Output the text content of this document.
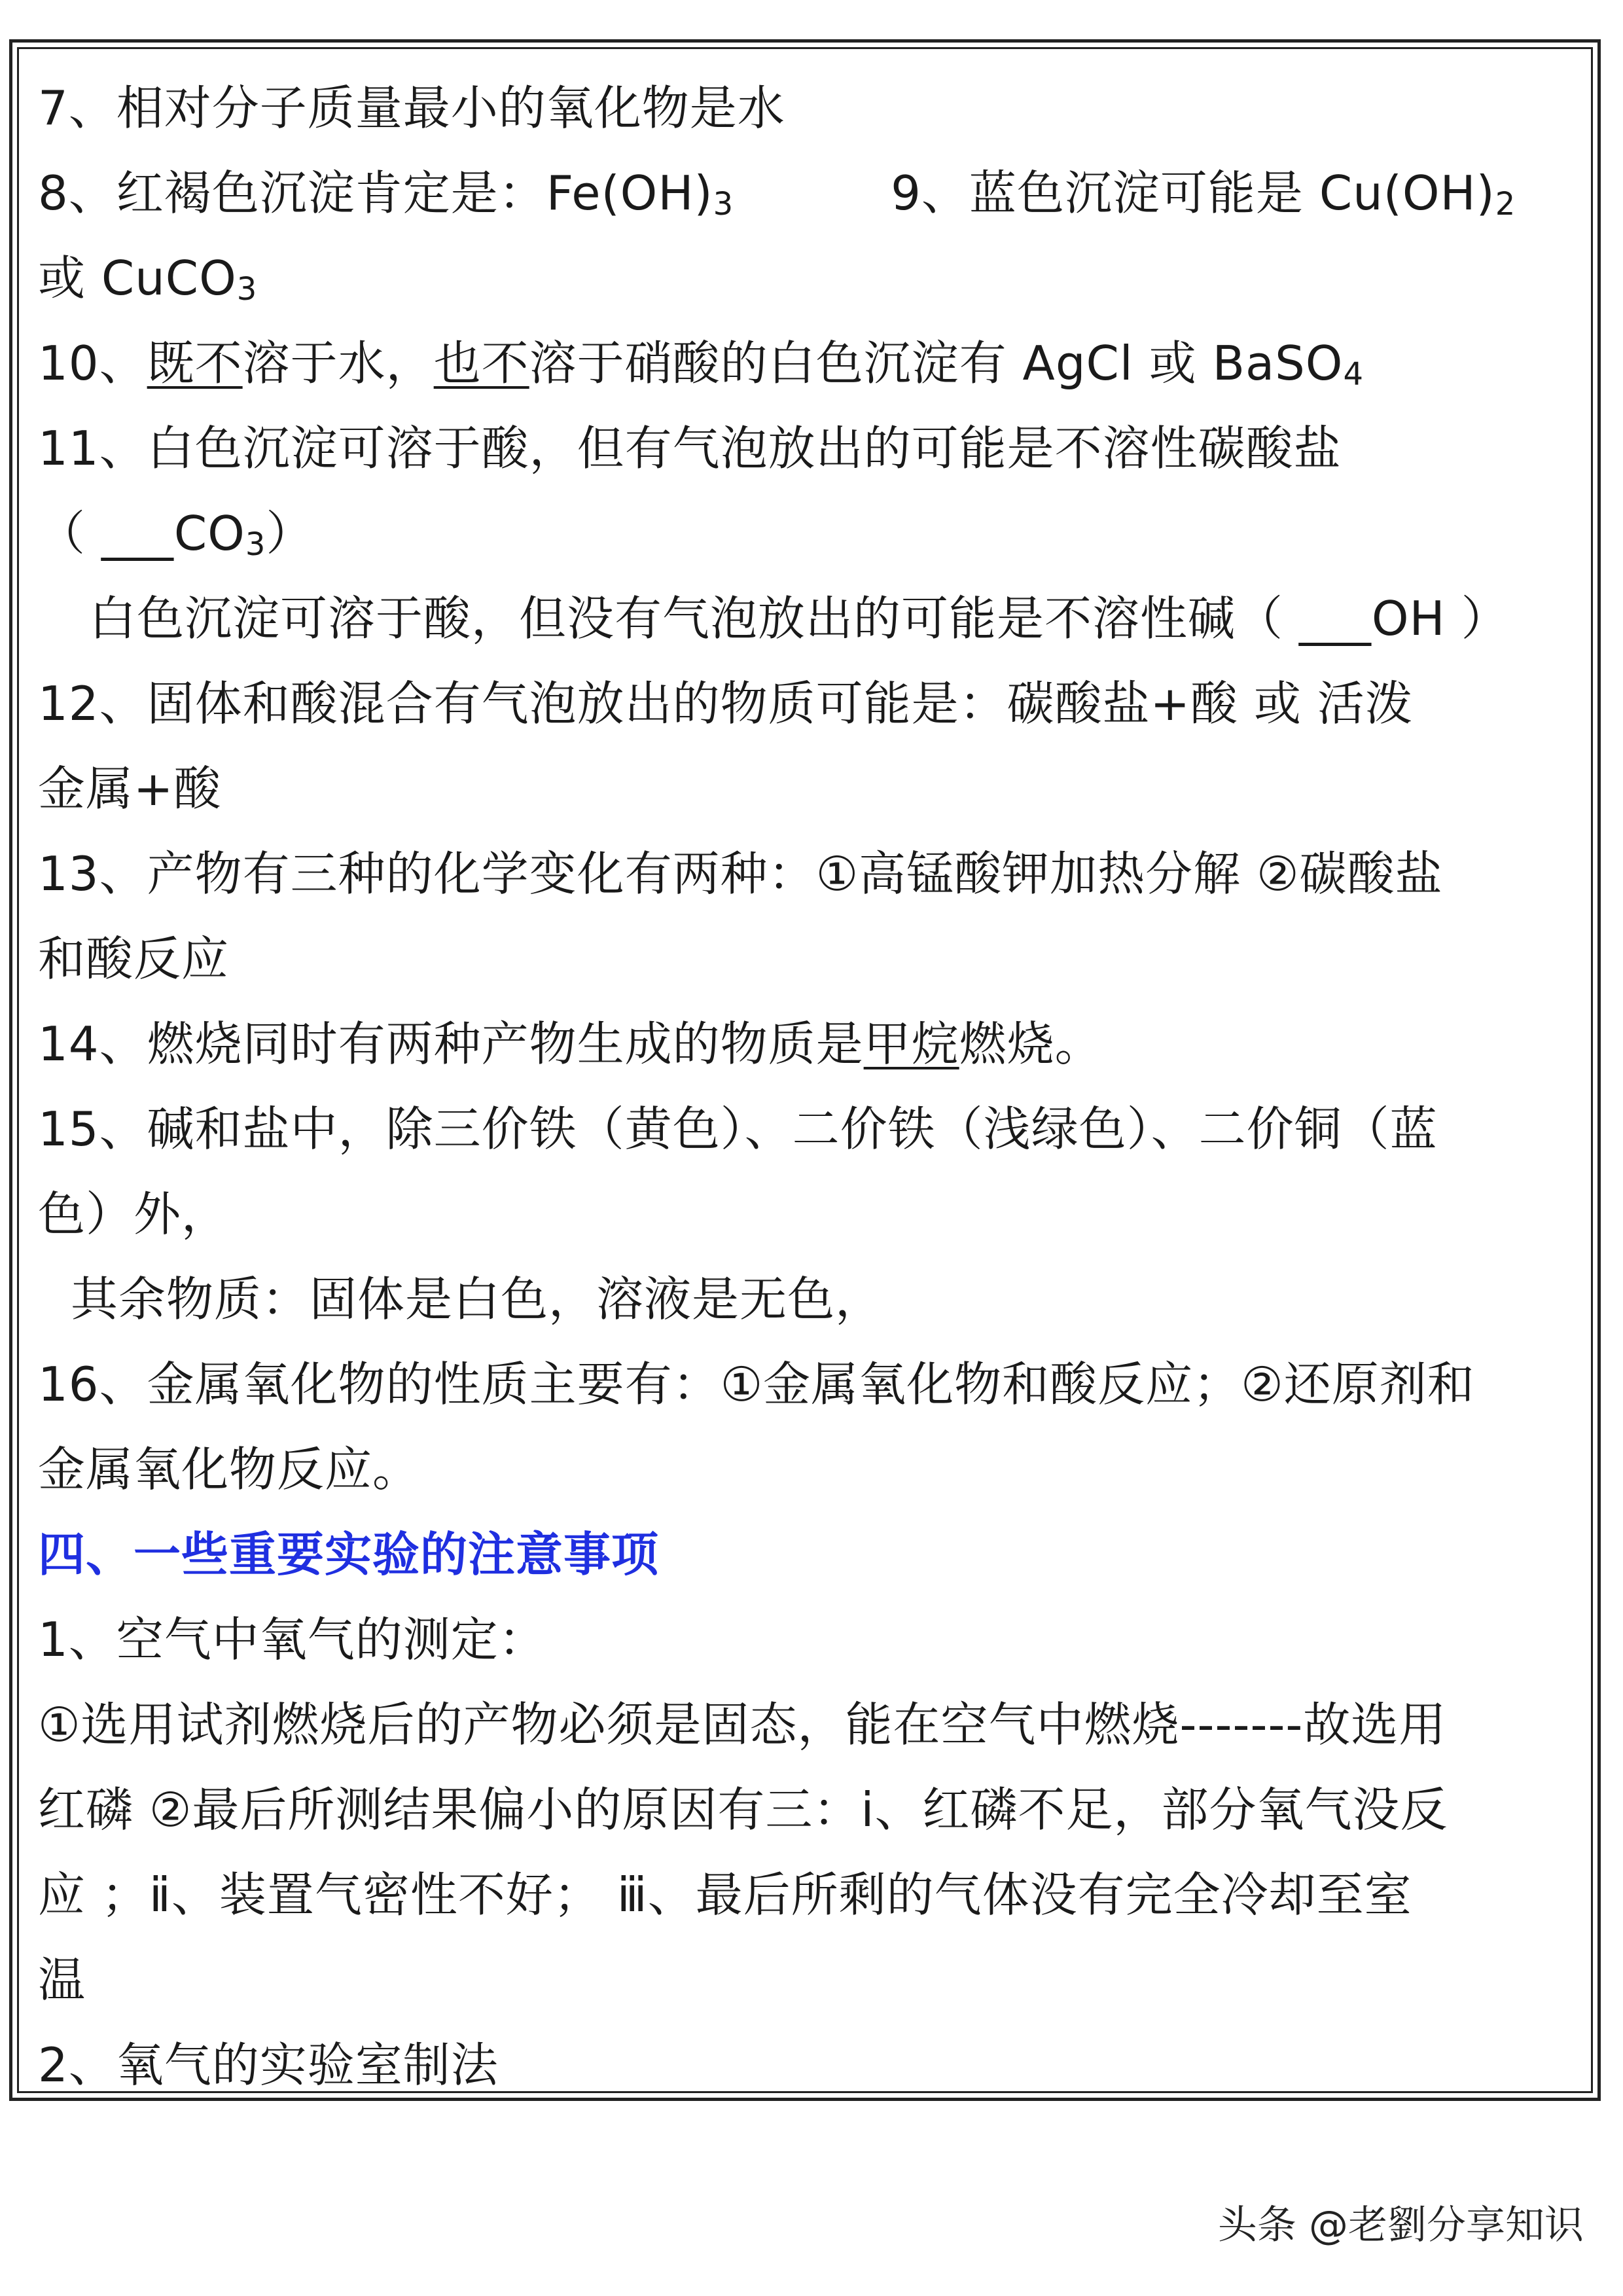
7、相对分子质量最小的氧化物是水
8、红褐色沉淀肯定是：$Fe(OH)_3$	9、蓝色沉淀可能是 $Cu(OH)_2$
或 CuCO$_3$
10、既不溶于水，也不溶于硝酸的白色沉淀有 AgCl 或 BaSO$_4$
11、白色沉淀可溶于酸，但有气泡放出的可能是不溶性碳酸盐
（ $\_\_\_CO_3$）
白色沉淀可溶于酸，但没有气泡放出的可能是不溶性碱（ ___OH ）
12、固体和酸混合有气泡放出的物质可能是：碳酸盐+酸 或 活泼
金属+酸
13、产物有三种的化学变化有两种：①高锰酸钾加热分解 ②碳酸盐
和酸反应
14、燃烧同时有两种产物生成的物质是甲烷燃烧。
15、碱和盐中，除三价铁（黄色）、二价铁（浅绿色）、二价铜（蓝
色）外，
其余物质：固体是白色，溶液是无色，
16、金属氧化物的性质主要有：①金属氧化物和酸反应；②还原剂和
金属氧化物反应。
四、一些重要实验的注意事项
1、空气中氧气的测定：
①选用试剂燃烧后的产物必须是固态，能在空气中燃烧-------故选用
红磷 ②最后所测结果偏小的原因有三：ⅰ、红磷不足，部分氧气没反
应 ；ⅱ、装置气密性不好； ⅲ、最后所剩的气体没有完全冷却至室
温
2、氧气的实验室制法
头条 @老劉分享知识
